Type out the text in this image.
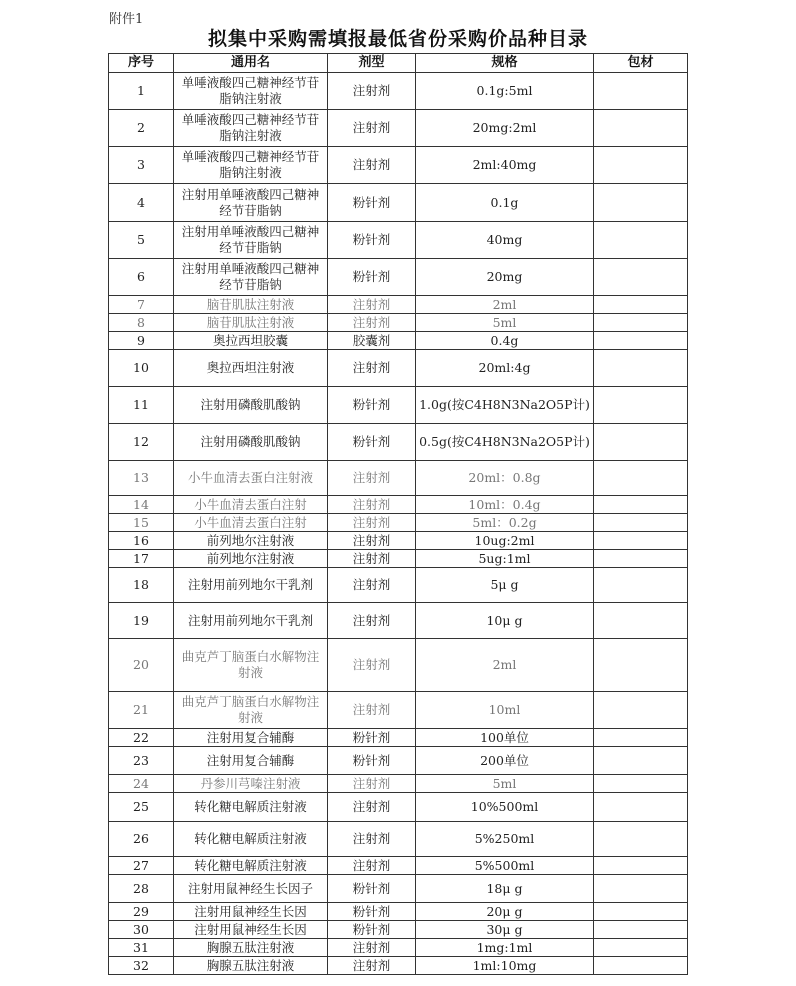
附件1
拟集中采购需填报最低省份采购价品种目录
序号	通用名	剂型	规格	包材
1	单唾液酸四己糖神经节苷脂钠注射液	注射剂	0.1g:5ml	
2	单唾液酸四己糖神经节苷脂钠注射液	注射剂	20mg:2ml	
3	单唾液酸四己糖神经节苷脂钠注射液	注射剂	2ml:40mg	
4	注射用单唾液酸四己糖神经节苷脂钠	粉针剂	0.1g	
5	注射用单唾液酸四己糖神经节苷脂钠	粉针剂	40mg	
6	注射用单唾液酸四己糖神经节苷脂钠	粉针剂	20mg	
7	脑苷肌肽注射液	注射剂	2ml	
8	脑苷肌肽注射液	注射剂	5ml	
9	奥拉西坦胶囊	胶囊剂	0.4g	
10	奥拉西坦注射液	注射剂	20ml:4g	
11	注射用磷酸肌酸钠	粉针剂	1.0g(按C4H8N3Na2O5P计)	
12	注射用磷酸肌酸钠	粉针剂	0.5g(按C4H8N3Na2O5P计)	
13	小牛血清去蛋白注射液	注射剂	20ml：0.8g	
14	小牛血清去蛋白注射	注射剂	10ml：0.4g	
15	小牛血清去蛋白注射	注射剂	5ml：0.2g	
16	前列地尔注射液	注射剂	10ug:2ml	
17	前列地尔注射液	注射剂	5ug:1ml	
18	注射用前列地尔干乳剂	注射剂	5μ g	
19	注射用前列地尔干乳剂	注射剂	10μ g	
20	曲克芦丁脑蛋白水解物注射液	注射剂	2ml	
21	曲克芦丁脑蛋白水解物注射液	注射剂	10ml	
22	注射用复合辅酶	粉针剂	100单位	
23	注射用复合辅酶	粉针剂	200单位	
24	丹参川芎嗪注射液	注射剂	5ml	
25	转化糖电解质注射液	注射剂	10%500ml	
26	转化糖电解质注射液	注射剂	5%250ml	
27	转化糖电解质注射液	注射剂	5%500ml	
28	注射用鼠神经生长因子	粉针剂	18μ g	
29	注射用鼠神经生长因	粉针剂	20μ g	
30	注射用鼠神经生长因	粉针剂	30μ g	
31	胸腺五肽注射液	注射剂	1mg:1ml	
32	胸腺五肽注射液	注射剂	1ml:10mg	
